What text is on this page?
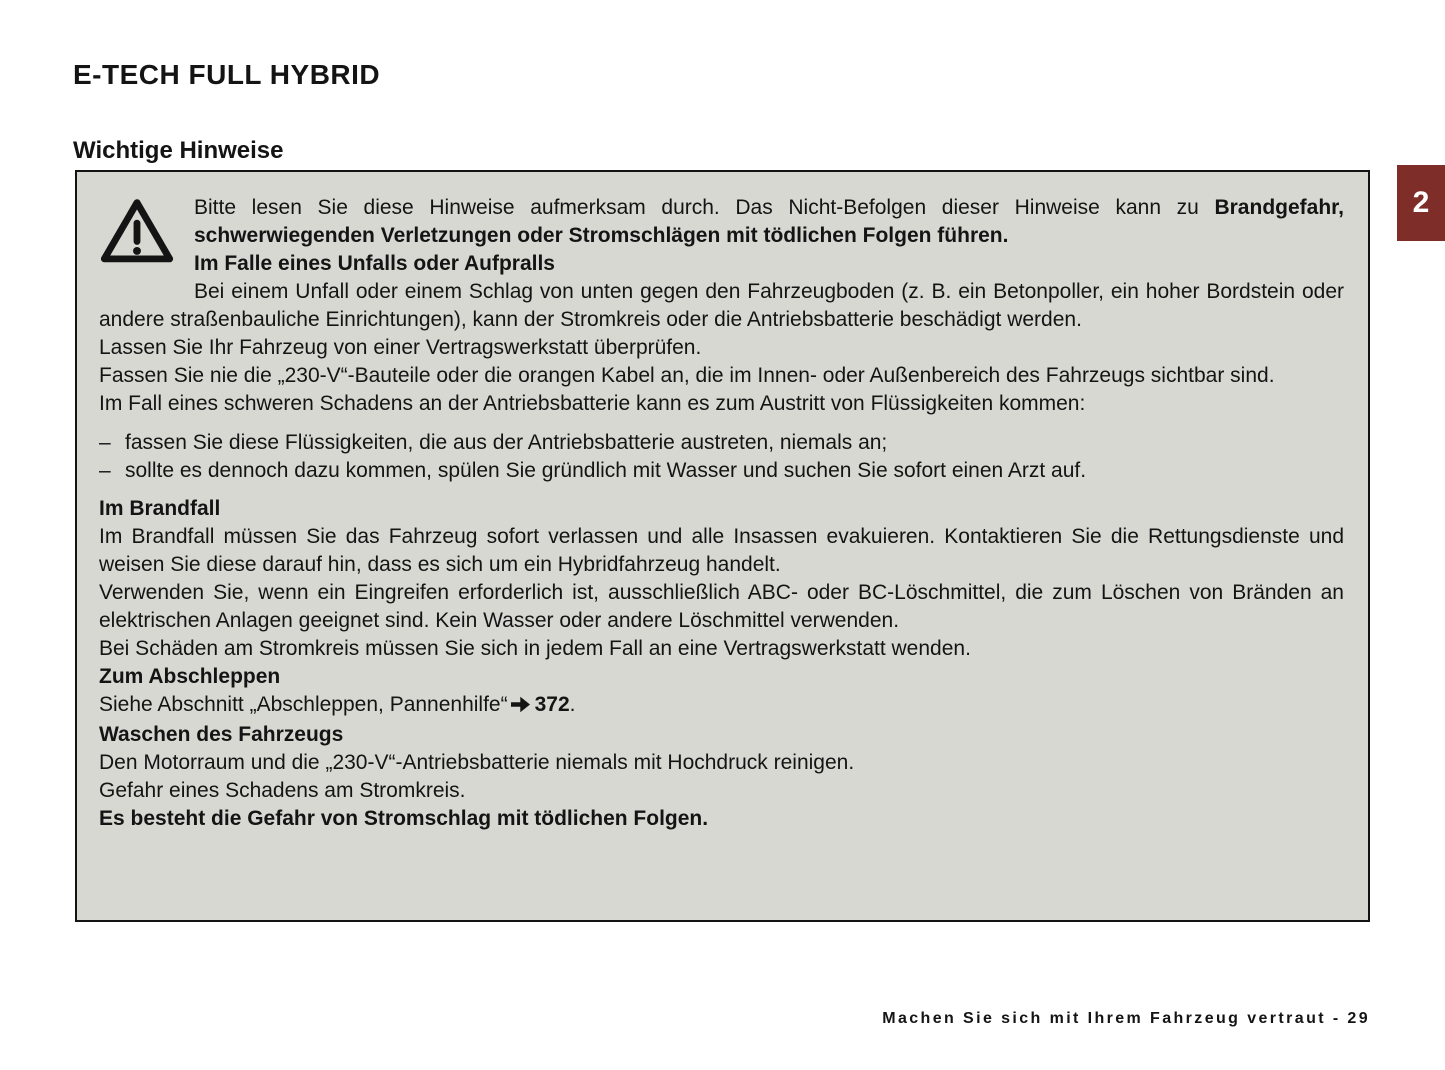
E-TECH FULL HYBRID
Wichtige Hinweise
2

Bitte lesen Sie diese Hinweise aufmerksam durch. Das Nicht-Befolgen dieser Hinweise kann zu Brandgefahr, schwerwiegenden Verletzungen oder Stromschlägen mit tödlichen Folgen führen.

Im Falle eines Unfalls oder Aufpralls

Bei einem Unfall oder einem Schlag von unten gegen den Fahrzeugboden (z. B. ein Betonpoller, ein hoher Bordstein oder andere straßenbauliche Einrichtungen), kann der Stromkreis oder die Antriebsbatterie beschädigt werden.

Lassen Sie Ihr Fahrzeug von einer Vertragswerkstatt überprüfen.

Fassen Sie nie die „230-V“-Bauteile oder die orangen Kabel an, die im Innen- oder Außenbereich des Fahrzeugs sichtbar sind.

Im Fall eines schweren Schadens an der Antriebsbatterie kann es zum Austritt von Flüssigkeiten kommen:

– fassen Sie diese Flüssigkeiten, die aus der Antriebsbatterie austreten, niemals an;
– sollte es dennoch dazu kommen, spülen Sie gründlich mit Wasser und suchen Sie sofort einen Arzt auf.

Im Brandfall

Im Brandfall müssen Sie das Fahrzeug sofort verlassen und alle Insassen evakuieren. Kontaktieren Sie die Rettungsdienste und weisen Sie diese darauf hin, dass es sich um ein Hybridfahrzeug handelt.

Verwenden Sie, wenn ein Eingreifen erforderlich ist, ausschließlich ABC- oder BC-Löschmittel, die zum Löschen von Bränden an elektrischen Anlagen geeignet sind. Kein Wasser oder andere Löschmittel verwenden.

Bei Schäden am Stromkreis müssen Sie sich in jedem Fall an eine Vertragswerkstatt wenden.

Zum Abschleppen

Siehe Abschnitt „Abschleppen, Pannenhilfe“ 372.

Waschen des Fahrzeugs

Den Motorraum und die „230-V“-Antriebsbatterie niemals mit Hochdruck reinigen.

Gefahr eines Schadens am Stromkreis.

Es besteht die Gefahr von Stromschlag mit tödlichen Folgen.

Machen Sie sich mit Ihrem Fahrzeug vertraut - 29
